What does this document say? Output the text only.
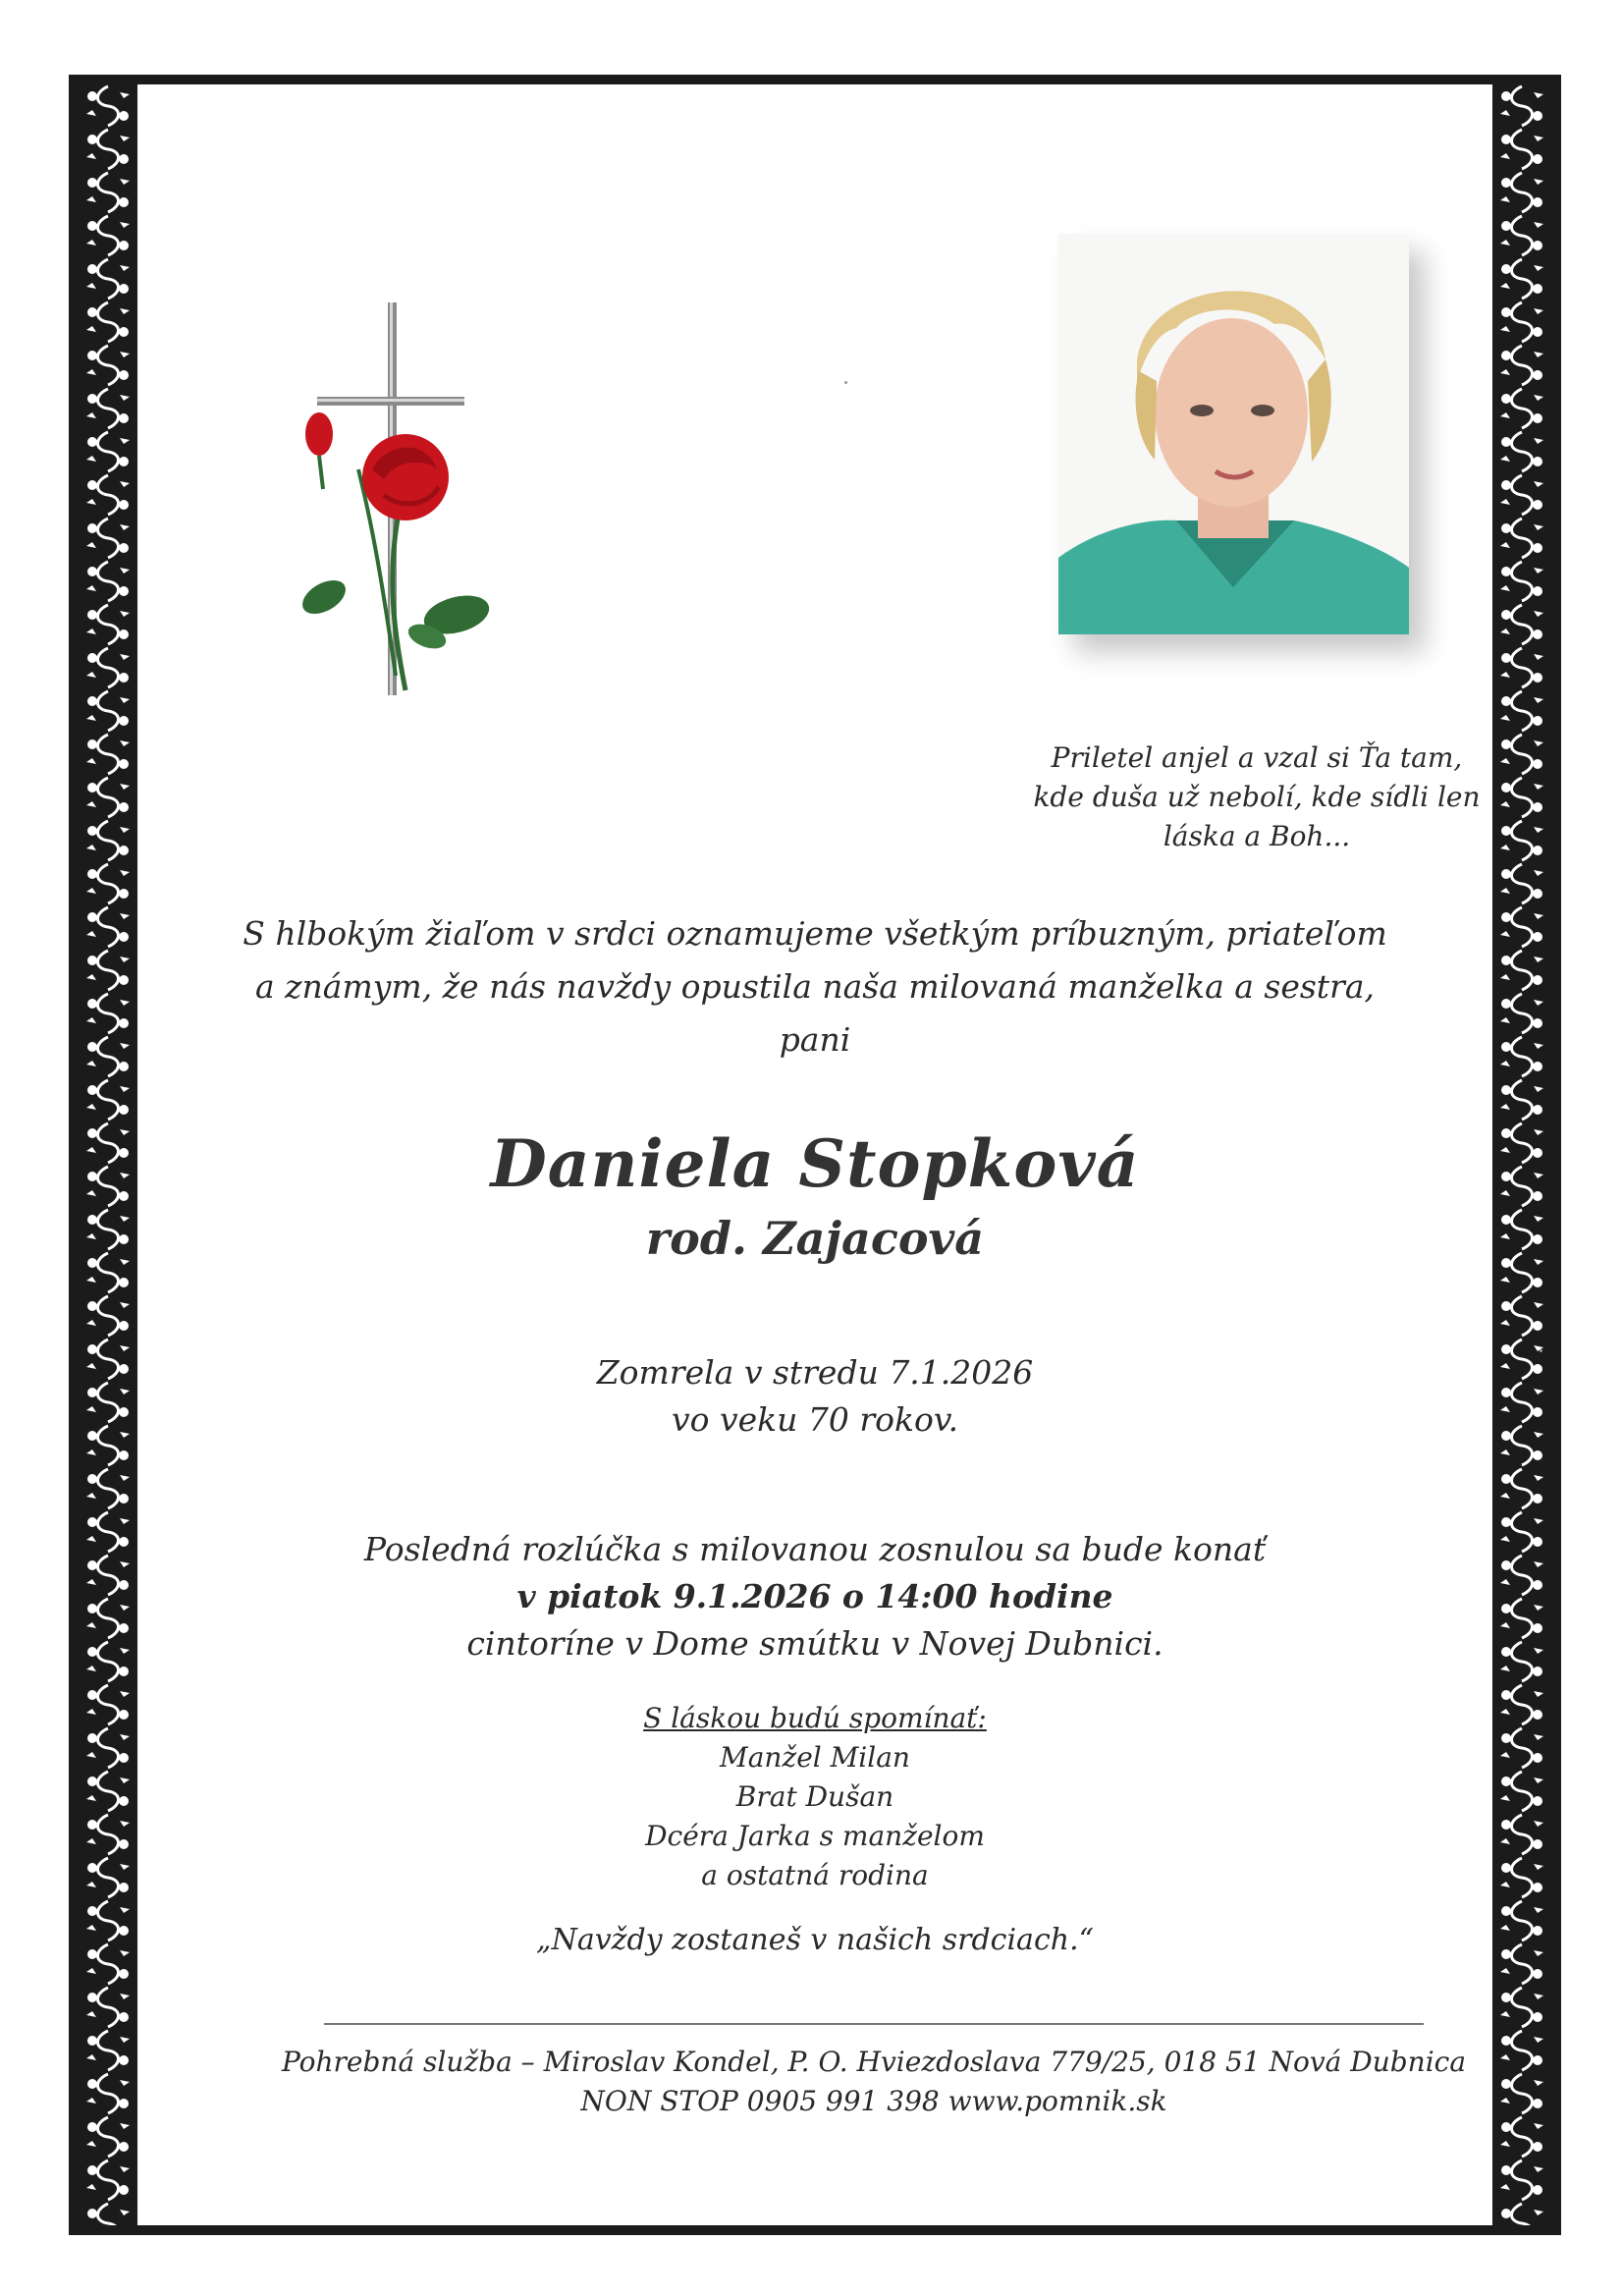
Priletel anjel a vzal si Ťa tam,
kde duša už nebolí, kde sídli len
láska a Boh...
S hlbokým žiaľom v srdci oznamujeme všetkým príbuzným, priateľom
a známym, že nás navždy opustila naša milovaná manželka a sestra,
pani
Daniela Stopková
rod. Zajacová
Zomrela v stredu 7.1.2026
vo veku 70 rokov.
Posledná rozlúčka s milovanou zosnulou sa bude konať
v piatok 9.1.2026 o 14:00 hodine
cintoríne v Dome smútku v Novej Dubnici.
S láskou budú spomínať:
Manžel Milan
Brat Dušan
Dcéra Jarka s manželom
a ostatná rodina
„Navždy zostaneš v našich srdciach.“
Pohrebná služba – Miroslav Kondel, P. O. Hviezdoslava 779/25, 018 51 Nová Dubnica
NON STOP 0905 991 398 www.pomnik.sk
